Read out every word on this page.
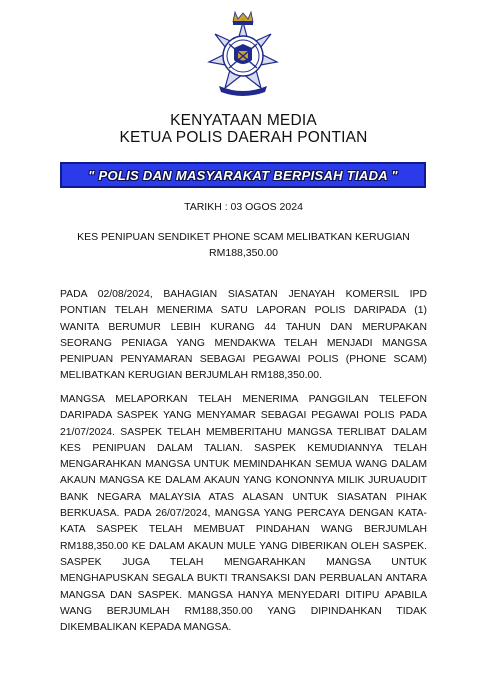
KENYATAAN MEDIA
KETUA POLIS DAERAH PONTIAN
" POLIS DAN MASYARAKAT BERPISAH TIADA "
TARIKH : 03 OGOS 2024
KES PENIPUAN SENDIKET PHONE SCAM MELIBATKAN KERUGIAN
RM188,350.00

PADA 02/08/2024, BAHAGIAN SIASATAN JENAYAH KOMERSIL IPD PONTIAN TELAH MENERIMA SATU LAPORAN POLIS DARIPADA (1) WANITA BERUMUR LEBIH KURANG 44 TAHUN DAN MERUPAKAN SEORANG PENIAGA YANG MENDAKWA TELAH MENJADI MANGSA PENIPUAN PENYAMARAN SEBAGAI PEGAWAI POLIS (PHONE SCAM) MELIBATKAN KERUGIAN BERJUMLAH RM188,350.00.

MANGSA MELAPORKAN TELAH MENERIMA PANGGILAN TELEFON DARIPADA SASPEK YANG MENYAMAR SEBAGAI PEGAWAI POLIS PADA 21/07/2024. SASPEK TELAH MEMBERITAHU MANGSA TERLIBAT DALAM KES PENIPUAN DALAM TALIAN. SASPEK KEMUDIANNYA TELAH MENGARAHKAN MANGSA UNTUK MEMINDAHKAN SEMUA WANG DALAM AKAUN MANGSA KE DALAM AKAUN YANG KONONNYA MILIK JURUAUDIT BANK NEGARA MALAYSIA ATAS ALASAN UNTUK SIASATAN PIHAK BERKUASA. PADA 26/07/2024, MANGSA YANG PERCAYA DENGAN KATA-KATA SASPEK TELAH MEMBUAT PINDAHAN WANG BERJUMLAH RM188,350.00 KE DALAM AKAUN MULE YANG DIBERIKAN OLEH SASPEK. SASPEK JUGA TELAH MENGARAHKAN MANGSA UNTUK MENGHAPUSKAN SEGALA BUKTI TRANSAKSI DAN PERBUALAN ANTARA MANGSA DAN SASPEK. MANGSA HANYA MENYEDARI DITIPU APABILA WANG BERJUMLAH RM188,350.00 YANG DIPINDAHKAN TIDAK DIKEMBALIKAN KEPADA MANGSA.
